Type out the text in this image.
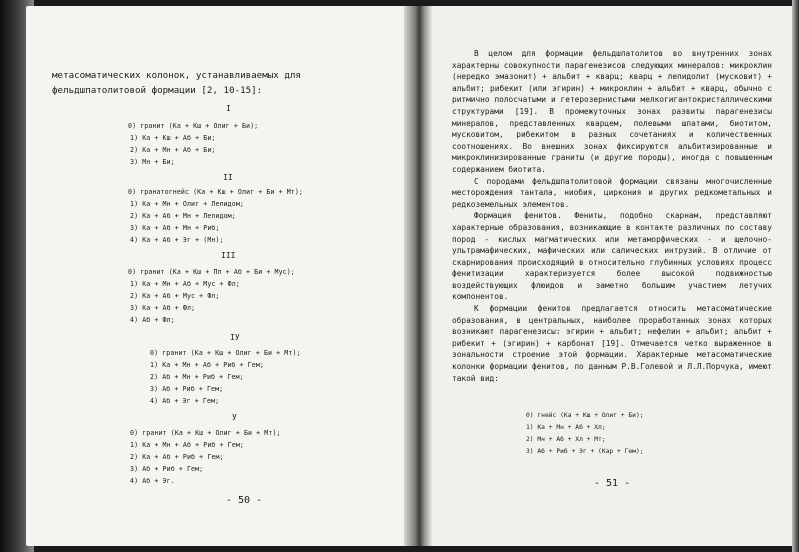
метасоматических колонок, устанавливаемых для фельдшпатолитовой формации [2, 10-15]:
I
0) гранит (Кa + Кш + Олиг + Би);
1) Кa + Кш + Аб + Би;
2) Кa + Мн + Аб + Би;
3) Мн + Би;
II
0) гранатогнейс (Кa + Кш + Олиг + Би + Мт);
1) Кa + Мн + Олиг + Лепидом;
2) Кa + Аб + Мн + Лепидом;
3) Кa + Аб + Мн + Риб;
4) Кa + Аб + Эг + (Мн);
III
0) гранит (Кa + Кш + Пл + Аб + Би + Мус);
1) Кa + Мн + Аб + Мус + Фл;
2) Кa + Аб + Мус + Фл;
3) Кa + Аб + Фл;
4) Аб + Фл;
IУ
0) гранит (Кa + Кш + Олиг + Би + Мт);
1) Кa + Мн + Аб + Риб + Гем;
2) Аб + Мн + Риб + Гем;
3) Аб + Риб + Гем;
4) Аб + Эг + Гем;
У
0) гранит (Кa + Кш + Олиг + Би + Мт);
1) Кa + Мн + Аб + Риб + Гем;
2) Кa + Аб + Риб + Гем;
3) Аб + Риб + Гем;
4) Аб + Эг.
- 50 -

В целом для формации фельдшпатолитов во внутренних зонах характерны совокупности парагенезисов следующих минералов: микроклин (нередко эмазонит) + альбит + кварц; кварц + лепидолит (мусковит) + альбит; рибекит (или эгирин) + микроклин + альбит + кварц, обычно с ритмично полосчатыми и гетерозернистыми мелкогигантокристаллическими структурами [19]. В промежуточных зонах развиты парагенезисы минералов, представленных кварцем, полевыми шпатами, биотитом, мусковитом, рибекитом в разных сочетаниях и количественных соотношениях. Во внешних зонах фиксируются альбитизированные и микроклинизированные граниты (и другие породы), иногда с повышенным содержанием биотита.

С породами фельдшпатолитовой формации связаны многочисленные месторождения тантала, ниобия, циркония и других редкометальных и редкоземельных элементов.

Формация фенитов. Фениты, подобно скарнам, представляют характерные образования, возникающие в контакте различных по составу пород - кислых магматических или метаморфических - и щелочно-ультрамафических, мафических или салических интрузий. В отличие от скарнирования происходящий в относительно глубинных условиях процесс фенитизации характеризуется более высокой подвижностью воздействующих флюидов и заметно большим участием летучих компонентов.

К формации фенитов предлагается относить метасоматические образования, в центральных, наиболее проработанных зонах которых возникают парагенезисы: эгирин + альбит; нефелин + альбит; альбит + рибекит + (эгирин) + карбонат [19]. Отмечается четко выраженное в зональности строение этой формации. Характерные метасоматические колонки формации фенитов, по данным Р.В.Голевой и Л.Л.Порчука, имеют такой вид:

0) гнейс (Кa + Кш + Олиг + Би);
1) Кa + Мн + Аб + Хл;
2) Мн + Аб + Хл + Мт;
3) Аб + Риб + Эг + (Кар + Гем);
- 51 -
